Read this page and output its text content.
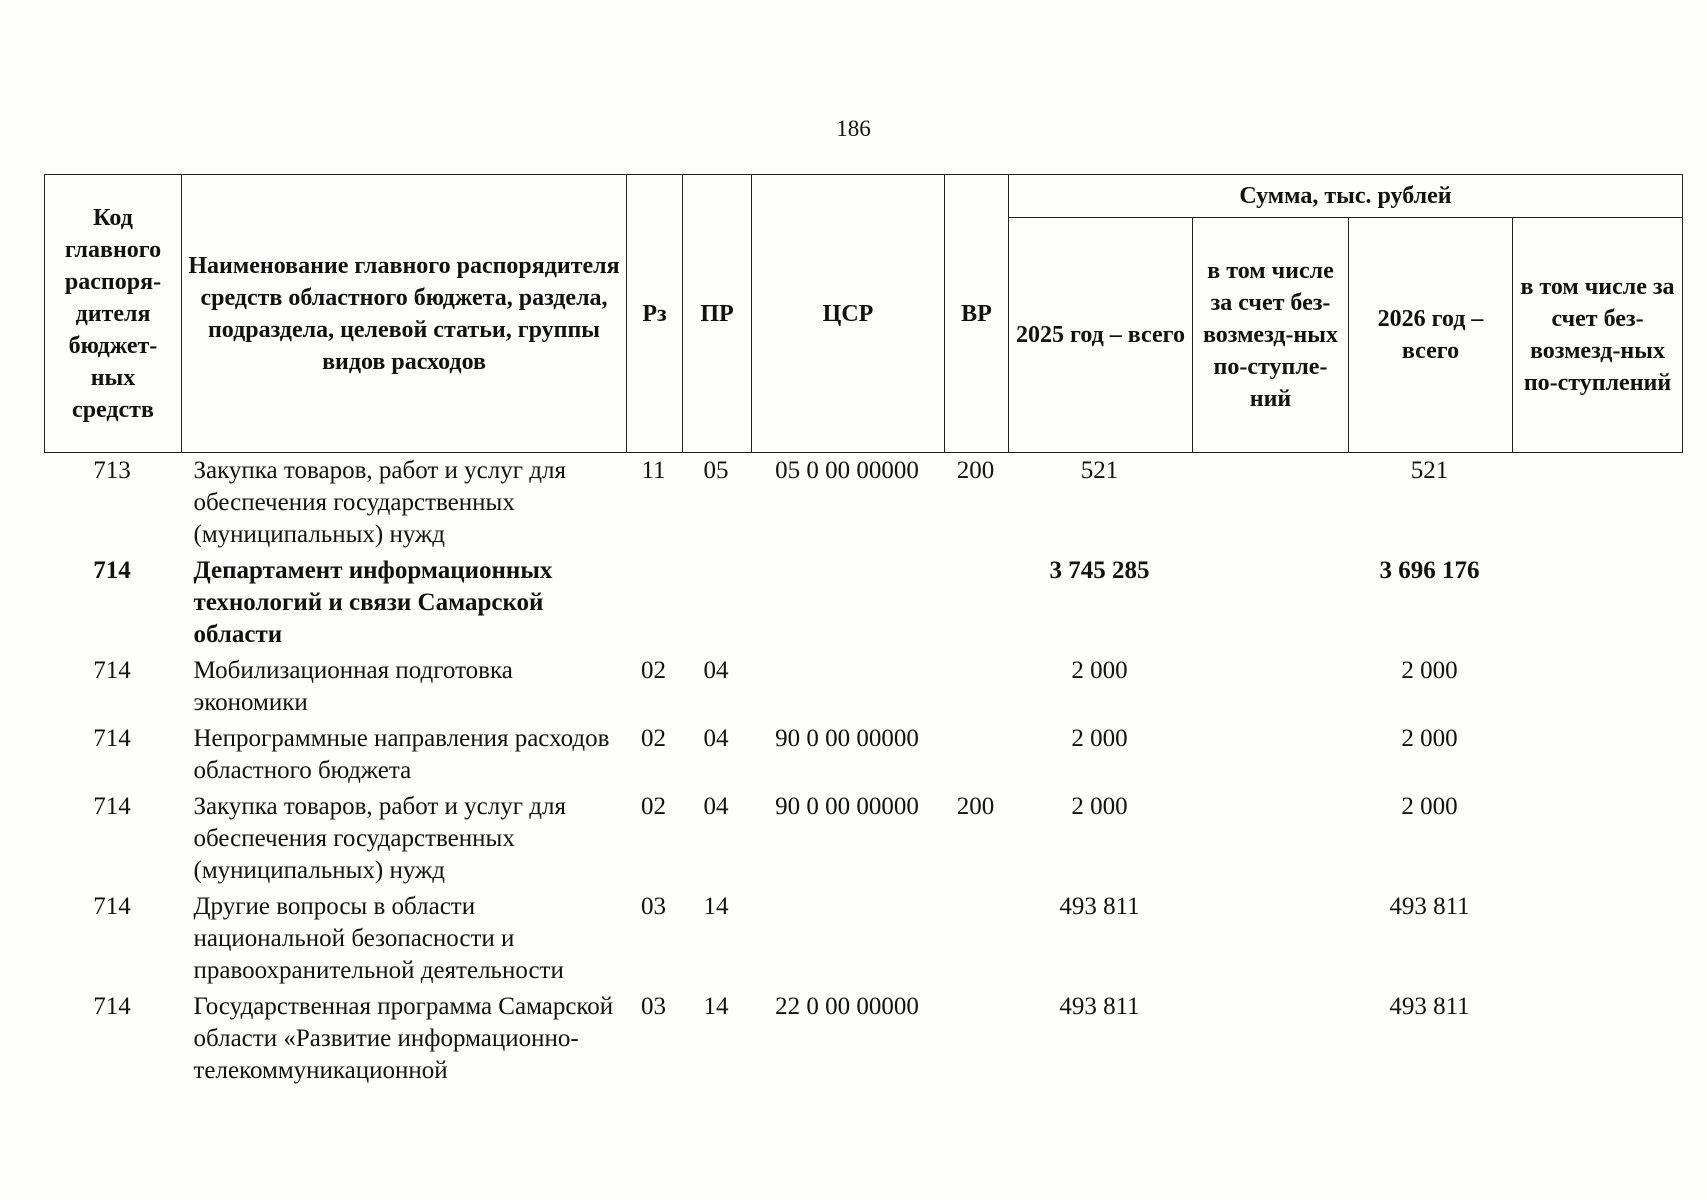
186
Код главного распоря-дителя бюджет-ных средств	Наименование главного распорядителя средств областного бюджета, раздела, подраздела, целевой статьи, группы видов расходов	Рз	ПР	ЦСР	ВР	Сумма, тыс. рублей			
						2025 год – всего	в том числе за счет без-возмезд-ных по-ступле-ний	2026 год – всего	в том числе за счет без-возмезд-ных по-ступлений
713	Закупка товаров, работ и услуг для обеспечения государственных (муниципальных) нужд	11	05	05 0 00 00000	200	521		521	
714	Департамент информационных технологий и связи Самарской области					3 745 285		3 696 176	
714	Мобилизационная подготовка экономики	02	04			2 000		2 000	
714	Непрограммные направления расходов областного бюджета	02	04	90 0 00 00000		2 000		2 000	
714	Закупка товаров, работ и услуг для обеспечения государственных (муниципальных) нужд	02	04	90 0 00 00000	200	2 000		2 000	
714	Другие вопросы в области национальной безопасности и правоохранительной деятельности	03	14			493 811		493 811	
714	Государственная программа Самарской области «Развитие информационно-телекоммуникационной	03	14	22 0 00 00000		493 811		493 811	
